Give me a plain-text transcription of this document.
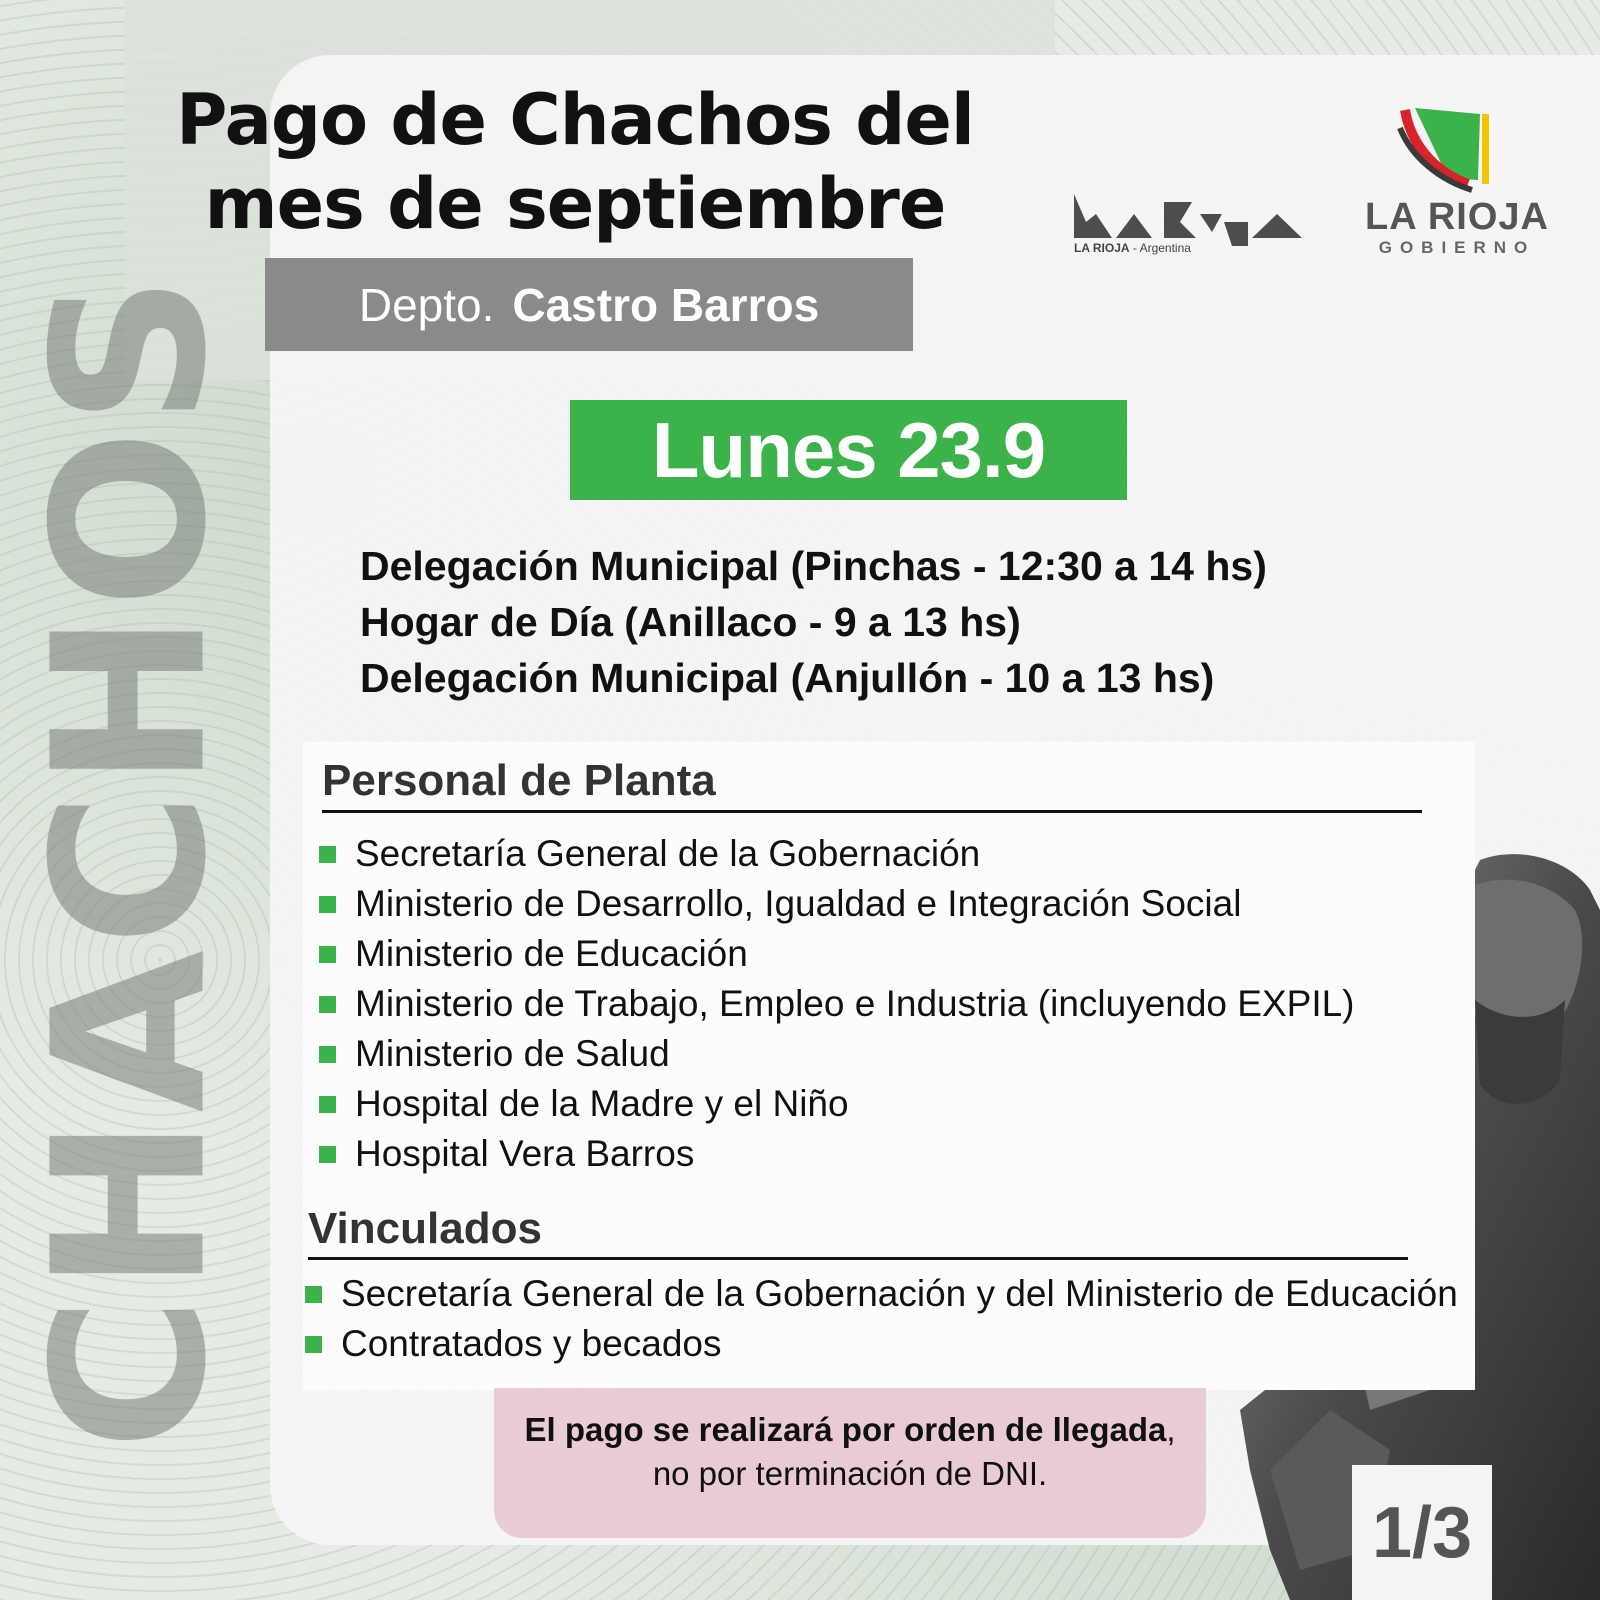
CHACHOS
Pago de Chachos del
mes de septiembre
Depto. Castro Barros
LA RIOJA - Argentina
LA RIOJA
GOBIERNO
Lunes 23.9
Delegación Municipal (Pinchas - 12:30 a 14 hs)
Hogar de Día (Anillaco - 9 a 13 hs)
Delegación Municipal (Anjullón - 10 a 13 hs)
Personal de Planta
Secretaría General de la Gobernación
Ministerio de Desarrollo, Igualdad e Integración Social
Ministerio de Educación
Ministerio de Trabajo, Empleo e Industria (incluyendo EXPIL)
Ministerio de Salud
Hospital de la Madre y el Niño
Hospital Vera Barros
Vinculados
Secretaría General de la Gobernación y del Ministerio de Educación
Contratados y becados
El pago se realizará por orden de llegada,
no por terminación de DNI.
1/3
